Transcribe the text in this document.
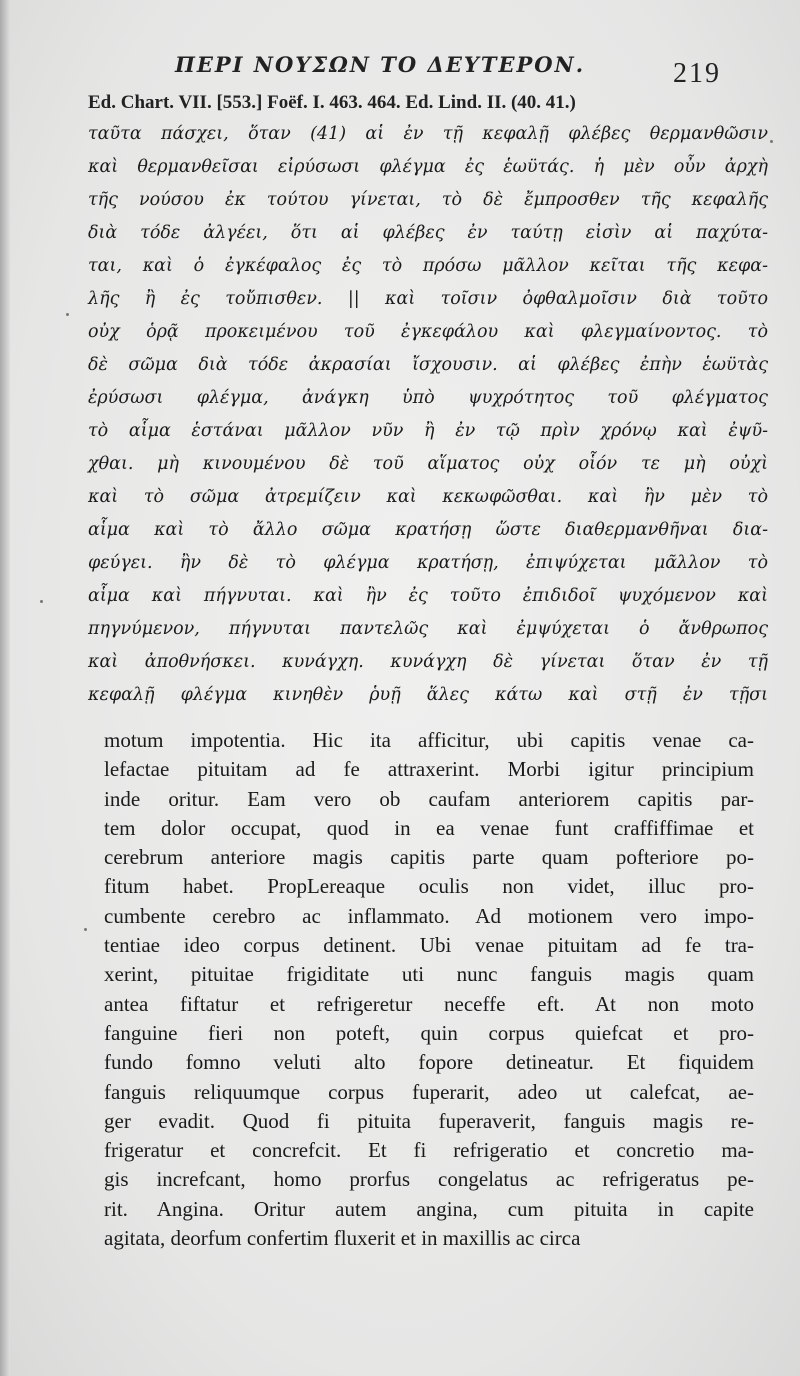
ΠΕΡΙ ΝΟΥΣΩΝ ΤΟ ΔΕΥΤΕΡΟΝ.	219
Ed. Chart. VII. [553.] Foëf. I. 463. 464. Ed. Lind. II. (40. 41.)
ταῦτα πάσχει, ὅταν (41) αἱ ἐν τῇ κεφαλῇ φλέβες θερμανθῶσιν
καὶ θερμανθεῖσαι εἰρύσωσι φλέγμα ἐς ἑωϋτάς. ἡ μὲν οὖν ἀρχὴ
τῆς νούσου ἐκ τούτου γίνεται, τὸ δὲ ἔμπροσθεν τῆς κεφαλῆς
διὰ τόδε ἀλγέει, ὅτι αἱ φλέβες ἐν ταύτῃ εἰσὶν αἱ παχύτα-
ται, καὶ ὁ ἐγκέφαλος ἐς τὸ πρόσω μᾶλλον κεῖται τῆς κεφα-
λῆς ἢ ἐς τοὔπισθεν. || καὶ τοῖσιν ὀφθαλμοῖσιν διὰ τοῦτο
οὐχ ὁρᾷ προκειμένου τοῦ ἐγκεφάλου καὶ φλεγμαίνοντος. τὸ
δὲ σῶμα διὰ τόδε ἀκρασίαι ἴσχουσιν. αἱ φλέβες ἐπὴν ἑωϋτὰς
ἐρύσωσι φλέγμα, ἀνάγκη ὑπὸ ψυχρότητος τοῦ φλέγματος
τὸ αἷμα ἑστάναι μᾶλλον νῦν ἢ ἐν τῷ πρὶν χρόνῳ καὶ ἐψῦ-
χθαι. μὴ κινουμένου δὲ τοῦ αἵματος οὐχ οἷόν τε μὴ οὐχὶ
καὶ τὸ σῶμα ἀτρεμίζειν καὶ κεκωφῶσθαι. καὶ ἢν μὲν τὸ
αἷμα καὶ τὸ ἄλλο σῶμα κρατήσῃ ὥστε διαθερμανθῆναι δια-
φεύγει. ἢν δὲ τὸ φλέγμα κρατήσῃ, ἐπιψύχεται μᾶλλον τὸ
αἷμα καὶ πήγνυται. καὶ ἢν ἐς τοῦτο ἐπιδιδοῖ ψυχόμενον καὶ
πηγνύμενον, πήγνυται παντελῶς καὶ ἐμψύχεται ὁ ἄνθρωπος
καὶ ἀποθνήσκει. κυνάγχη. κυνάγχη δὲ γίνεται ὅταν ἐν τῇ
κεφαλῇ φλέγμα κινηθὲν ῥυῇ ἅλες κάτω καὶ στῇ ἐν τῇσι
motum impotentia. Hic ita afficitur, ubi capitis venae ca-
lefactae pituitam ad fe attraxerint. Morbi igitur principium
inde oritur. Eam vero ob caufam anteriorem capitis par-
tem dolor occupat, quod in ea venae funt craffiffimae et
cerebrum anteriore magis capitis parte quam pofteriore po-
fitum habet. PropLereaque oculis non videt, illuc pro-
cumbente cerebro ac inflammato. Ad motionem vero impo-
tentiae ideo corpus detinent. Ubi venae pituitam ad fe tra-
xerint, pituitae frigiditate uti nunc fanguis magis quam
antea fiftatur et refrigeretur neceffe eft. At non moto
fanguine fieri non poteft, quin corpus quiefcat et pro-
fundo fomno veluti alto fopore detineatur. Et fiquidem
fanguis reliquumque corpus fuperarit, adeo ut calefcat, ae-
ger evadit. Quod fi pituita fuperaverit, fanguis magis re-
frigeratur et concrefcit. Et fi refrigeratio et concretio ma-
gis increfcant, homo prorfus congelatus ac refrigeratus pe-
rit. Angina. Oritur autem angina, cum pituita in capite
agitata, deorfum confertim fluxerit et in maxillis ac circa
